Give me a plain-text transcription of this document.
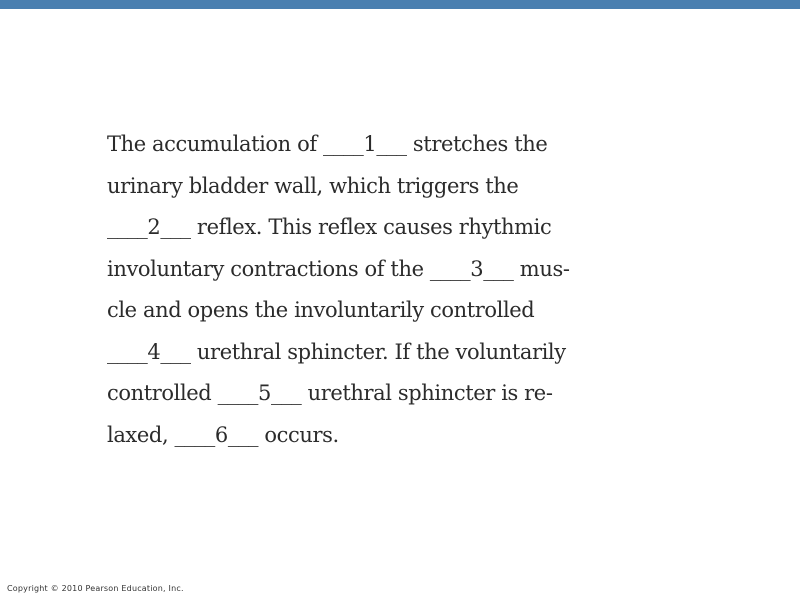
The accumulation of ____1___ stretches the
urinary bladder wall, which triggers the
____2___ reflex. This reflex causes rhythmic
involuntary contractions of the ____3___ mus-
cle and opens the involuntarily controlled
____4___ urethral sphincter. If the voluntarily
controlled ____5___ urethral sphincter is re-
laxed, ____6___ occurs.

Copyright © 2010 Pearson Education, Inc.
